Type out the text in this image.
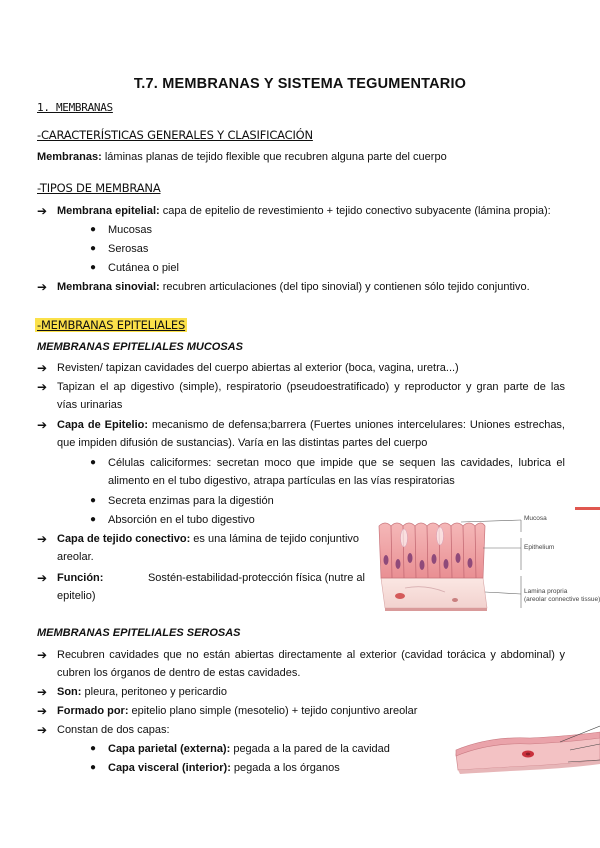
T.7. MEMBRANAS Y SISTEMA TEGUMENTARIO
1. MEMBRANAS
-CARACTERÍSTICAS GENERALES Y CLASIFICACIÓN
Membranas: láminas planas de tejido flexible que recubren alguna parte del cuerpo
-TIPOS DE MEMBRANA
➔ Membrana epitelial: capa de epitelio de revestimiento + tejido conectivo subyacente (lámina propia):
● Mucosas
● Serosas
● Cutánea o piel
➔ Membrana sinovial: recubren articulaciones (del tipo sinovial) y contienen sólo tejido conjuntivo.
-MEMBRANAS EPITELIALES
MEMBRANAS EPITELIALES MUCOSAS
➔ Revisten/ tapizan cavidades del cuerpo abiertas al exterior (boca, vagina, uretra...)
➔ Tapizan el ap digestivo (simple), respiratorio (pseudoestratificado) y reproductor y gran parte de las
vías urinarias
➔ Capa de Epitelio: mecanismo de defensa;barrera (Fuertes uniones intercelulares: Uniones estrechas,
que impiden difusión de sustancias). Varía en las distintas partes del cuerpo
● Células caliciformes: secretan moco que impide que se sequen las cavidades, lubrica el
alimento en el tubo digestivo, atrapa partículas en las vías respiratorias
● Secreta enzimas para la digestión
● Absorción en el tubo digestivo
➔ Capa de tejido conectivo: es una lámina de tejido conjuntivo
areolar.
➔ Función:	Sostén-estabilidad-protección física (nutre al
epitelio)
Mucosa
Epithelium
Lamina propria
(areolar connective tissue)
MEMBRANAS EPITELIALES SEROSAS
➔ Recubren cavidades que no están abiertas directamente al exterior (cavidad torácica y abdominal) y
cubren los órganos de dentro de estas cavidades.
➔ Son: pleura, peritoneo y pericardio
➔ Formado por: epitelio plano simple (mesotelio) + tejido conjuntivo areolar
➔ Constan de dos capas:
● Capa parietal (externa): pegada a la pared de la cavidad
● Capa visceral (interior): pegada a los órganos
